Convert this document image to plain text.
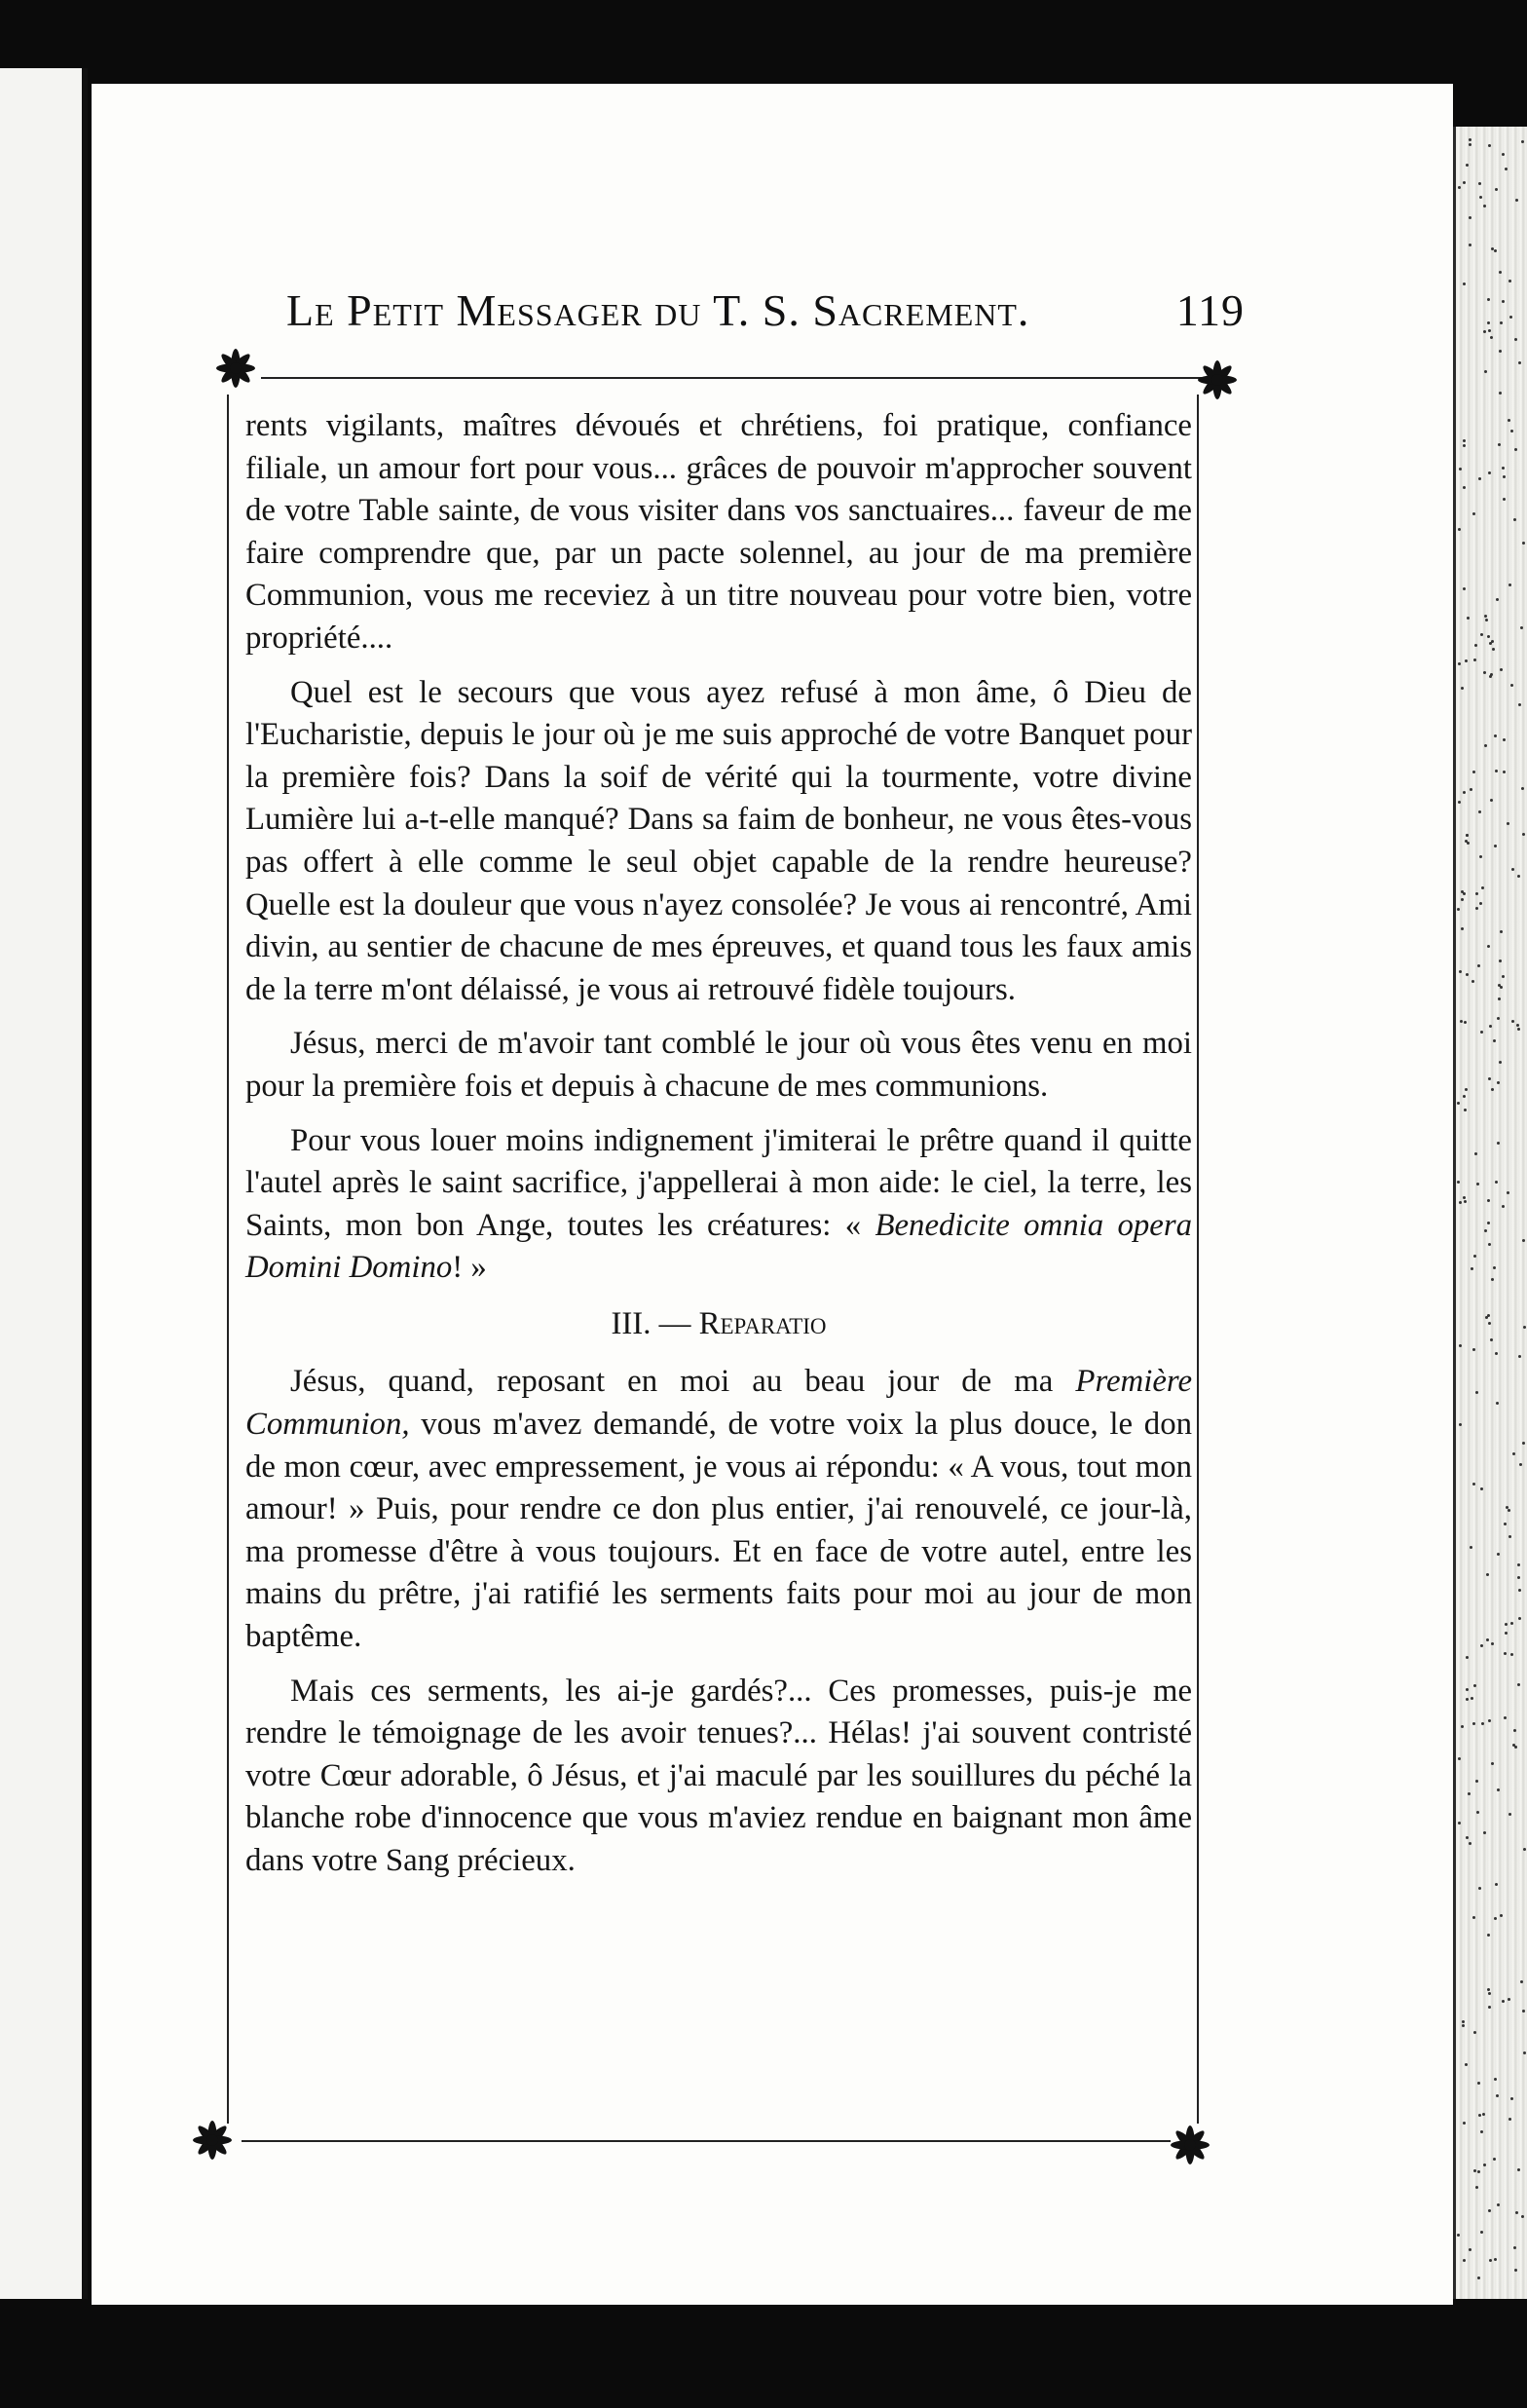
Le Petit Messager du T. S. Sacrement.	119

rents vigilants, maîtres dévoués et chrétiens, foi pratique, confiance filiale, un amour fort pour vous... grâces de pouvoir m'approcher souvent de votre Table sainte, de vous visiter dans vos sanctuaires... faveur de me faire comprendre que, par un pacte solennel, au jour de ma première Communion, vous me receviez à un titre nouveau pour votre bien, votre propriété....

Quel est le secours que vous ayez refusé à mon âme, ô Dieu de l'Eucharistie, depuis le jour où je me suis approché de votre Banquet pour la première fois? Dans la soif de vérité qui la tourmente, votre divine Lumière lui a-t-elle manqué? Dans sa faim de bonheur, ne vous êtes-vous pas offert à elle comme le seul objet capable de la rendre heureuse? Quelle est la douleur que vous n'ayez consolée? Je vous ai rencontré, Ami divin, au sentier de chacune de mes épreuves, et quand tous les faux amis de la terre m'ont délaissé, je vous ai retrouvé fidèle toujours.

Jésus, merci de m'avoir tant comblé le jour où vous êtes venu en moi pour la première fois et depuis à chacune de mes communions.

Pour vous louer moins indignement j'imiterai le prêtre quand il quitte l'autel après le saint sacrifice, j'appellerai à mon aide: le ciel, la terre, les Saints, mon bon Ange, toutes les créatures: « Benedicite omnia opera Domini Domino! »

III. — Reparatio

Jésus, quand, reposant en moi au beau jour de ma Première Communion, vous m'avez demandé, de votre voix la plus douce, le don de mon cœur, avec empressement, je vous ai répondu: « A vous, tout mon amour! » Puis, pour rendre ce don plus entier, j'ai renouvelé, ce jour-là, ma promesse d'être à vous toujours. Et en face de votre autel, entre les mains du prêtre, j'ai ratifié les serments faits pour moi au jour de mon baptême.

Mais ces serments, les ai-je gardés?... Ces promesses, puis-je me rendre le témoignage de les avoir tenues?... Hélas! j'ai souvent contristé votre Cœur adorable, ô Jésus, et j'ai maculé par les souillures du péché la blanche robe d'innocence que vous m'aviez rendue en baignant mon âme dans votre Sang précieux.
